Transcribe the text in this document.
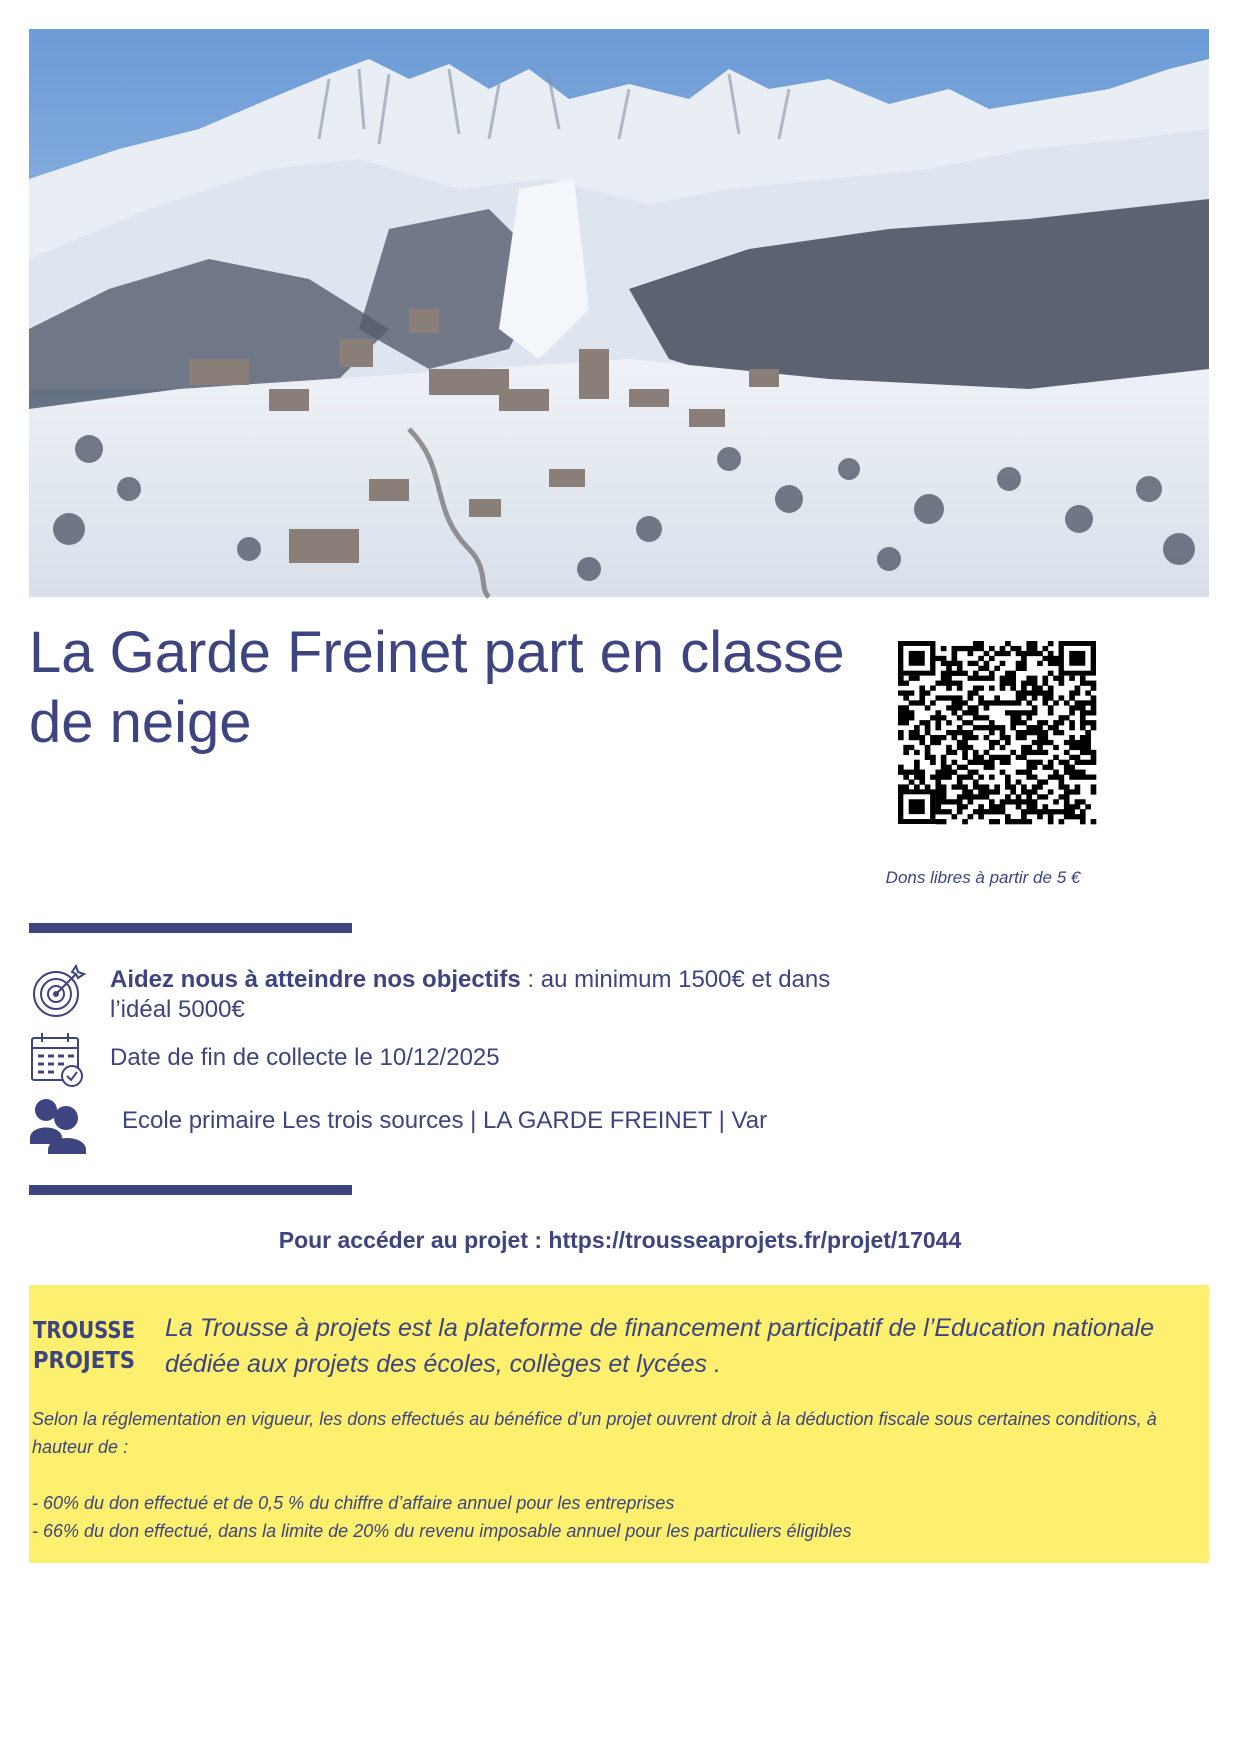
La Garde Freinet part en classe de neige
Dons libres à partir de 5 €
Aidez nous à atteindre nos objectifs : au minimum 1500€ et dans l’idéal 5000€
Date de fin de collecte le 10/12/2025
Ecole primaire Les trois sources | LA GARDE FREINET | Var
Pour accéder au projet : https://trousseaprojets.fr/projet/17044
TROUSSE
PROJETS
La Trousse à projets est la plateforme de financement participatif de l’Education nationale dédiée aux projets des écoles, collèges et lycées .

Selon la réglementation en vigueur, les dons effectués au bénéfice d’un projet ouvrent droit à la déduction fiscale sous certaines conditions, à hauteur de :

- 60% du don effectué et de 0,5 % du chiffre d’affaire annuel pour les entreprises

- 66% du don effectué, dans la limite de 20% du revenu imposable annuel pour les particuliers éligibles
